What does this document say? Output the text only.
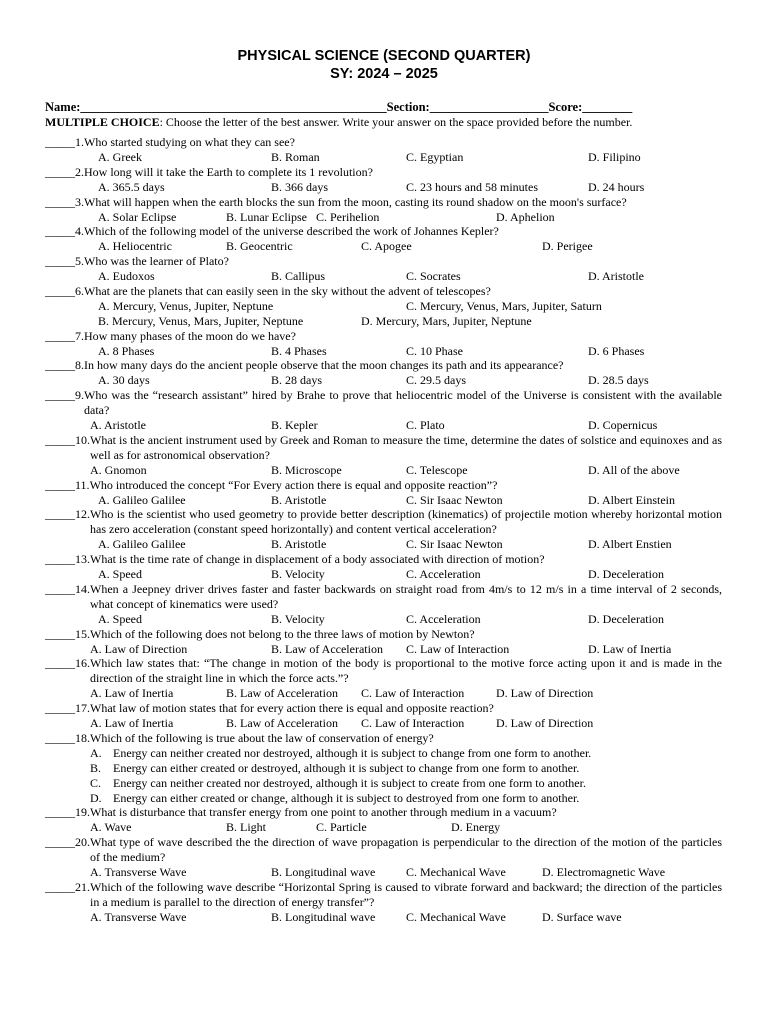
PHYSICAL SCIENCE (SECOND QUARTER)
SY: 2024 – 2025
Name:_________________________________________________Section:___________________Score:________
MULTIPLE CHOICE: Choose the letter of the best answer. Write your answer on the space provided before the number.
_____1. Who started studying on what they can see?
A. Greek	B. Roman	C. Egyptian	D. Filipino
_____2. How long will it take the Earth to complete its 1 revolution?
A. 365.5 days	B. 366 days	C. 23 hours and 58 minutes	D. 24 hours
_____3. What will happen when the earth blocks the sun from the moon, casting its round shadow on the moon's surface?
A. Solar Eclipse	B. Lunar Eclipse C. Perihelion	D. Aphelion
_____4. Which of the following model of the universe described the work of Johannes Kepler?
A. Heliocentric	B. Geocentric	C. Apogee	D. Perigee
_____5. Who was the learner of Plato?
A. Eudoxos	B. Callipus	C. Socrates	D. Aristotle
_____6. What are the planets that can easily seen in the sky without the advent of telescopes?
A. Mercury, Venus, Jupiter, Neptune	C. Mercury, Venus, Mars, Jupiter, Saturn
B. Mercury, Venus, Mars, Jupiter, Neptune	D. Mercury, Mars, Jupiter, Neptune
_____7. How many phases of the moon do we have?
A. 8 Phases	B. 4 Phases	C. 10 Phase	D. 6 Phases
_____8. In how many days do the ancient people observe that the moon changes its path and its appearance?
A. 30 days	B. 28 days	C. 29.5 days	D. 28.5 days
_____9. Who was the “research assistant” hired by Brahe to prove that heliocentric model of the Universe is consistent with the available data?
A. Aristotle	B. Kepler	C. Plato	D. Copernicus
_____10. What is the ancient instrument used by Greek and Roman to measure the time, determine the dates of solstice and equinoxes and as well as for astronomical observation?
A. Gnomon	B. Microscope	C. Telescope	D. All of the above
_____11. Who introduced the concept “For Every action there is equal and opposite reaction”?
A. Galileo Galilee	B. Aristotle	C. Sir Isaac Newton	D. Albert Einstein
_____12. Who is the scientist who used geometry to provide better description (kinematics) of projectile motion whereby horizontal motion has zero acceleration (constant speed horizontally) and content vertical acceleration?
A. Galileo Galilee	B. Aristotle	C. Sir Isaac Newton	D. Albert Enstien
_____13. What is the time rate of change in displacement of a body associated with direction of motion?
A. Speed	B. Velocity	C. Acceleration	D. Deceleration
_____14. When a Jeepney driver drives faster and faster backwards on straight road from 4m/s to 12 m/s in a time interval of 2 seconds, what concept of kinematics were used?
A. Speed	B. Velocity	C. Acceleration	D. Deceleration
_____15. Which of the following does not belong to the three laws of motion by Newton?
A. Law of Direction	B. Law of Acceleration C. Law of Interaction	D. Law of Inertia
_____16. Which law states that: “The change in motion of the body is proportional to the motive force acting upon it and is made in the direction of the straight line in which the force acts.”?
A. Law of Inertia	B. Law of Acceleration C. Law of Interaction	D. Law of Direction
_____17. What law of motion states that for every action there is equal and opposite reaction?
A. Law of Inertia	B. Law of Acceleration C. Law of Interaction	D. Law of Direction
_____18. Which of the following is true about the law of conservation of energy?
A. Energy can neither created nor destroyed, although it is subject to change from one form to another.
B. Energy can either created or destroyed, although it is subject to change from one form to another.
C. Energy can neither created nor destroyed, although it is subject to create from one form to another.
D. Energy can either created or change, although it is subject to destroyed from one form to another.
_____19. What is disturbance that transfer energy from one point to another through medium in a vacuum?
A. Wave	B. Light	C. Particle	D. Energy
_____20. What type of wave described the the direction of wave propagation is perpendicular to the direction of the motion of the particles of the medium?
A. Transverse Wave	B. Longitudinal wave	C. Mechanical Wave	D. Electromagnetic Wave
_____21. Which of the following wave describe “Horizontal Spring is caused to vibrate forward and backward; the direction of the particles in a medium is parallel to the direction of energy transfer”?
A. Transverse Wave	B. Longitudinal wave	C. Mechanical Wave	D. Surface wave
